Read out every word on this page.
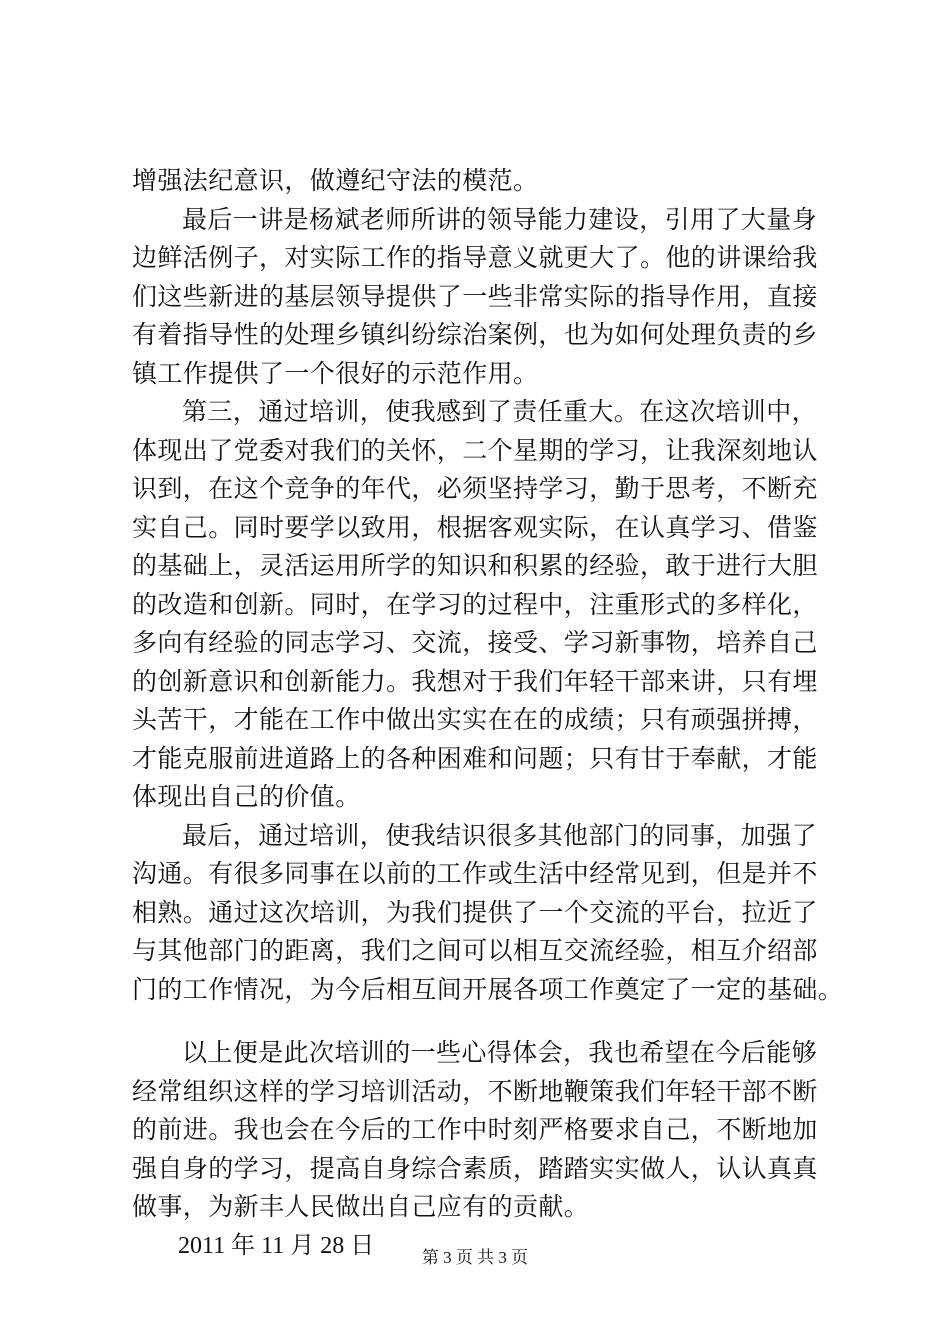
增强法纪意识，做遵纪守法的模范。
最后一讲是杨斌老师所讲的领导能力建设，引用了大量身
边鲜活例子，对实际工作的指导意义就更大了。他的讲课给我
们这些新进的基层领导提供了一些非常实际的指导作用，直接
有着指导性的处理乡镇纠纷综治案例，也为如何处理负责的乡
镇工作提供了一个很好的示范作用。
第三，通过培训，使我感到了责任重大。在这次培训中，
体现出了党委对我们的关怀，二个星期的学习，让我深刻地认
识到，在这个竞争的年代，必须坚持学习，勤于思考，不断充
实自己。同时要学以致用，根据客观实际，在认真学习、借鉴
的基础上，灵活运用所学的知识和积累的经验，敢于进行大胆
的改造和创新。同时，在学习的过程中，注重形式的多样化，
多向有经验的同志学习、交流，接受、学习新事物，培养自己
的创新意识和创新能力。我想对于我们年轻干部来讲，只有埋
头苦干，才能在工作中做出实实在在的成绩；只有顽强拼搏，
才能克服前进道路上的各种困难和问题；只有甘于奉献，才能
体现出自己的价值。
最后，通过培训，使我结识很多其他部门的同事，加强了
沟通。有很多同事在以前的工作或生活中经常见到，但是并不
相熟。通过这次培训，为我们提供了一个交流的平台，拉近了
与其他部门的距离，我们之间可以相互交流经验，相互介绍部
门的工作情况，为今后相互间开展各项工作奠定了一定的基础。
以上便是此次培训的一些心得体会，我也希望在今后能够
经常组织这样的学习培训活动，不断地鞭策我们年轻干部不断
的前进。我也会在今后的工作中时刻严格要求自己，不断地加
强自身的学习，提高自身综合素质，踏踏实实做人，认认真真
做事，为新丰人民做出自己应有的贡献。
2011 年 11 月 28 日	第 3 页 共 3 页
